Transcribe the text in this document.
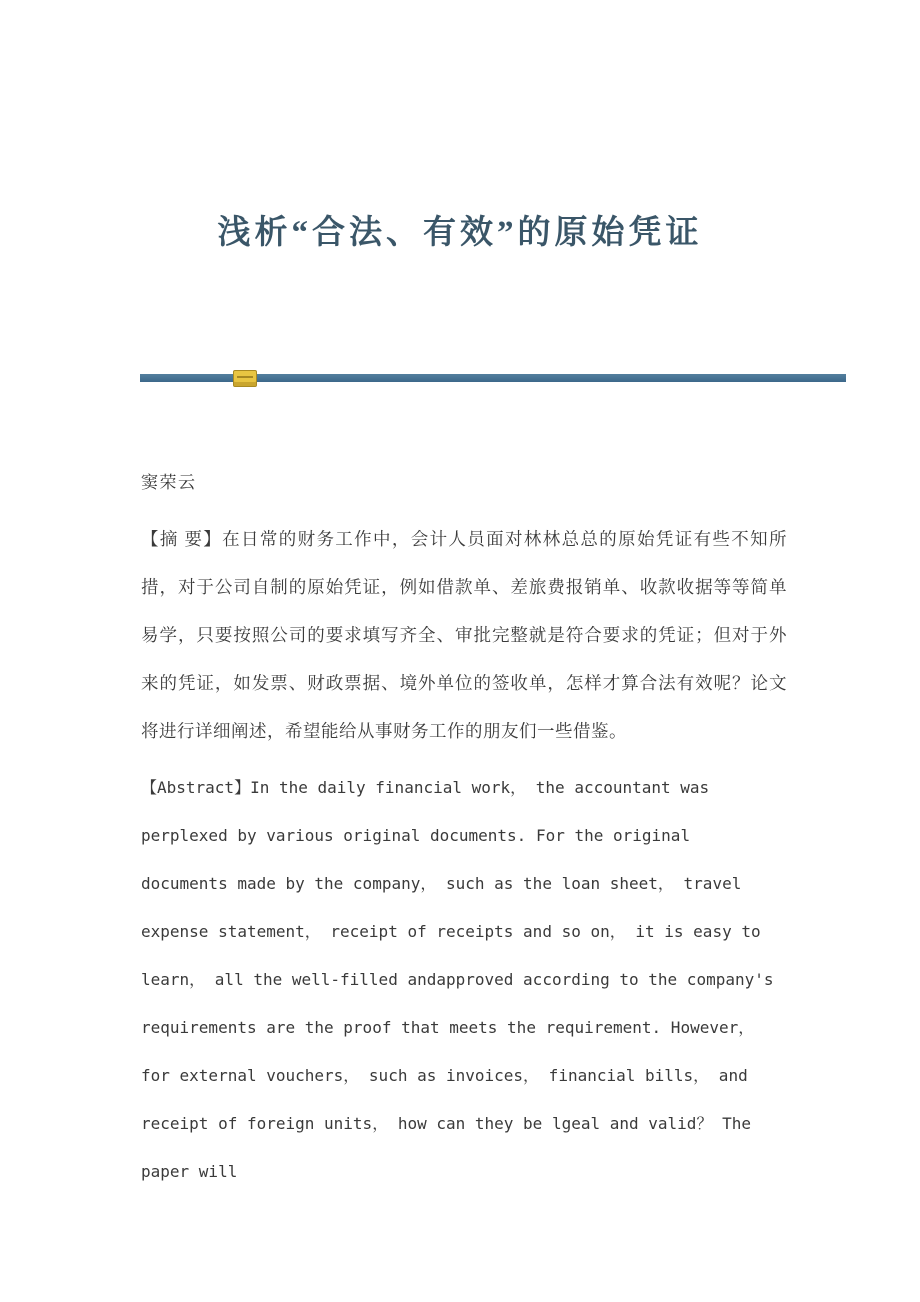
浅析“合法、有效”的原始凭证
窦荣云

【摘 要】在日常的财务工作中，会计人员面对林林总总的原始凭证有些不知所措，对于公司自制的原始凭证，例如借款单、差旅费报销单、收款收据等等简单易学，只要按照公司的要求填写齐全、审批完整就是符合要求的凭证；但对于外来的凭证，如发票、财政票据、境外单位的签收单，怎样才算合法有效呢？论文将进行详细阐述，希望能给从事财务工作的朋友们一些借鉴。

【Abstract】In the daily financial work， the accountant was perplexed by various original documents. For the original documents made by the company， such as the loan sheet， travel expense statement， receipt of receipts and so on， it is easy to learn， all the well-filled andapproved according to the company's requirements are the proof that meets the requirement. However， for external vouchers， such as invoices， financial bills， and receipt of foreign units， how can they be lgeal and valid？ The paper will
